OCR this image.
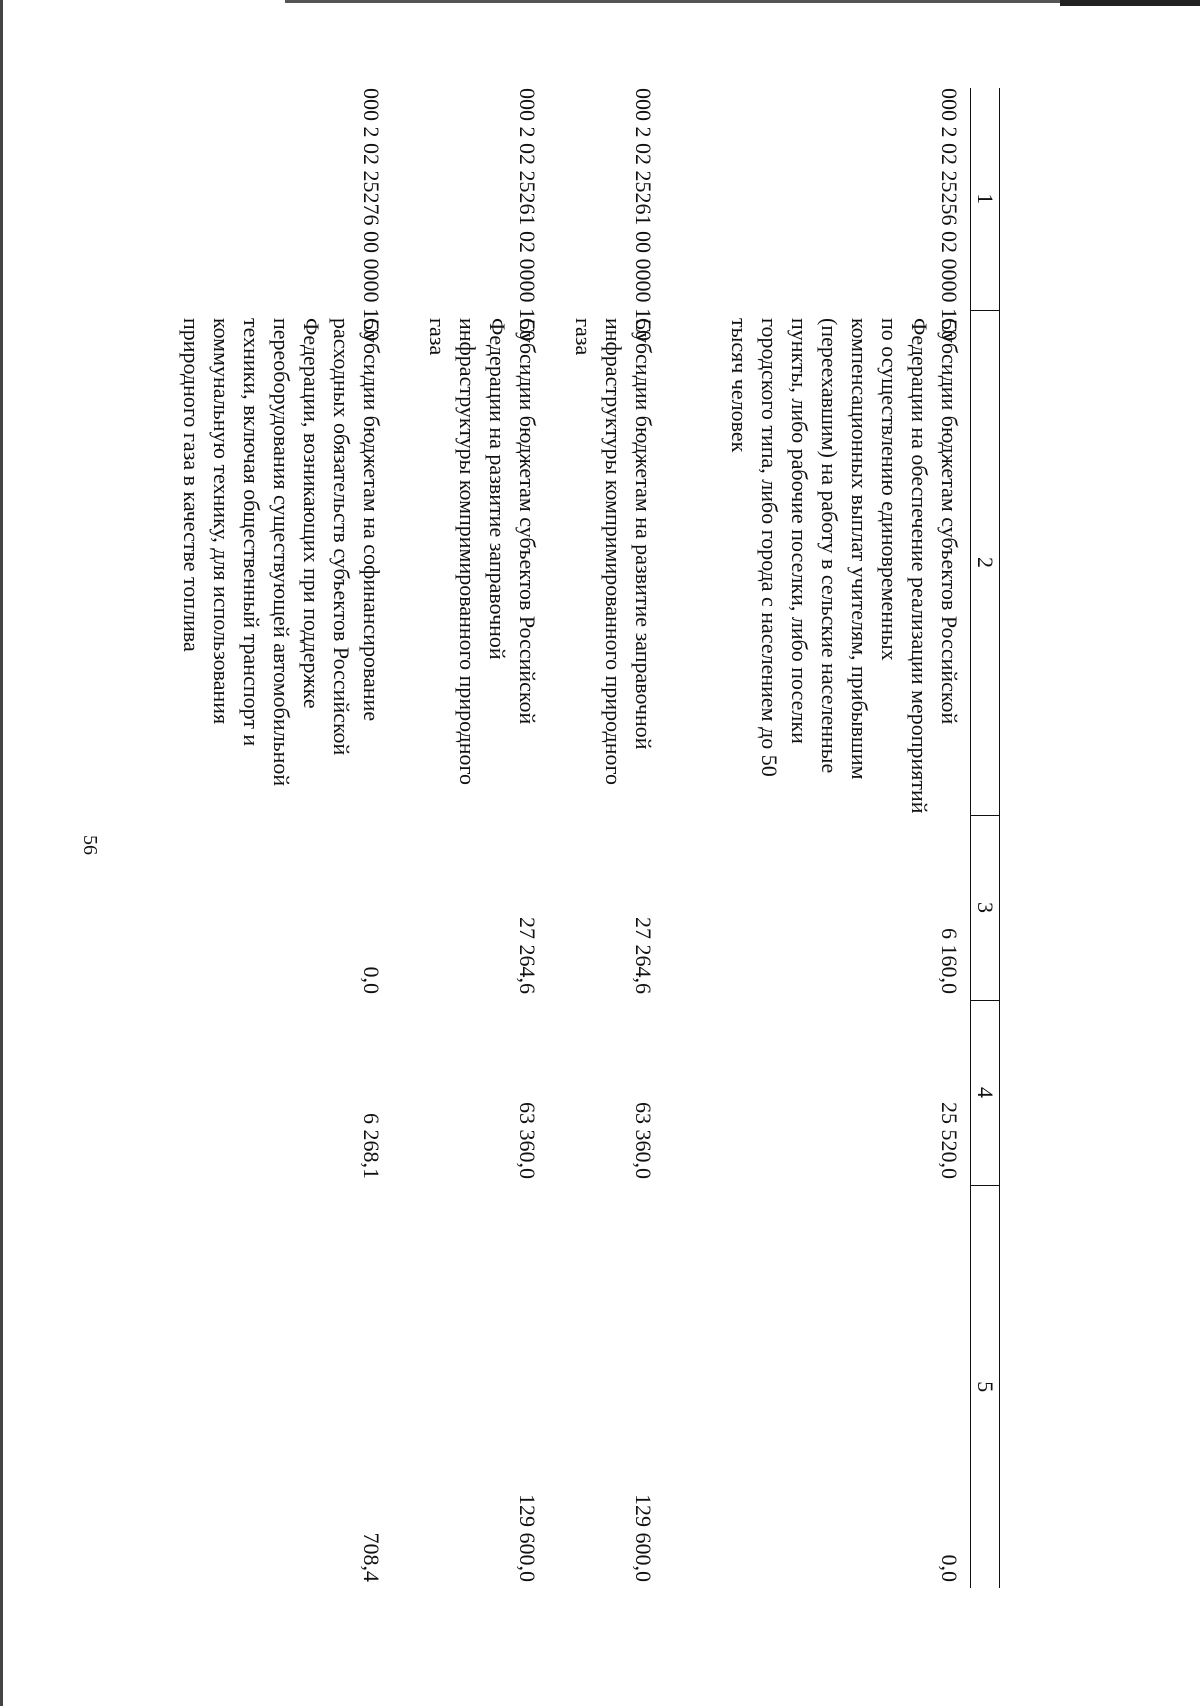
56
1	2	3	4	5
000 2 02 25256 02 0000 150	Субсидии бюджетам субъектов Российской Федерации на обеспечение реализации мероприятий по осуществлению единовременных компенсационных выплат учителям, прибывшим (переехавшим) на работу в сельские населенные пункты, либо рабочие поселки, либо поселки городского типа, либо города с населением до 50 тысяч человек	6 160,0	25 520,0	0,0
000 2 02 25261 00 0000 150	Субсидии бюджетам на развитие заправочной инфраструктуры компримированного природного газа	27 264,6	63 360,0	129 600,0
000 2 02 25261 02 0000 150	Субсидии бюджетам субъектов Российской Федерации на развитие заправочной инфраструктуры компримированного природного газа	27 264,6	63 360,0	129 600,0
000 2 02 25276 00 0000 150	Субсидии бюджетам на софинансирование расходных обязательств субъектов Российской Федерации, возникающих при поддержке переоборудования существующей автомобильной техники, включая общественный транспорт и коммунальную технику, для использования природного газа в качестве топлива	0,0	6 268,1	708,4
